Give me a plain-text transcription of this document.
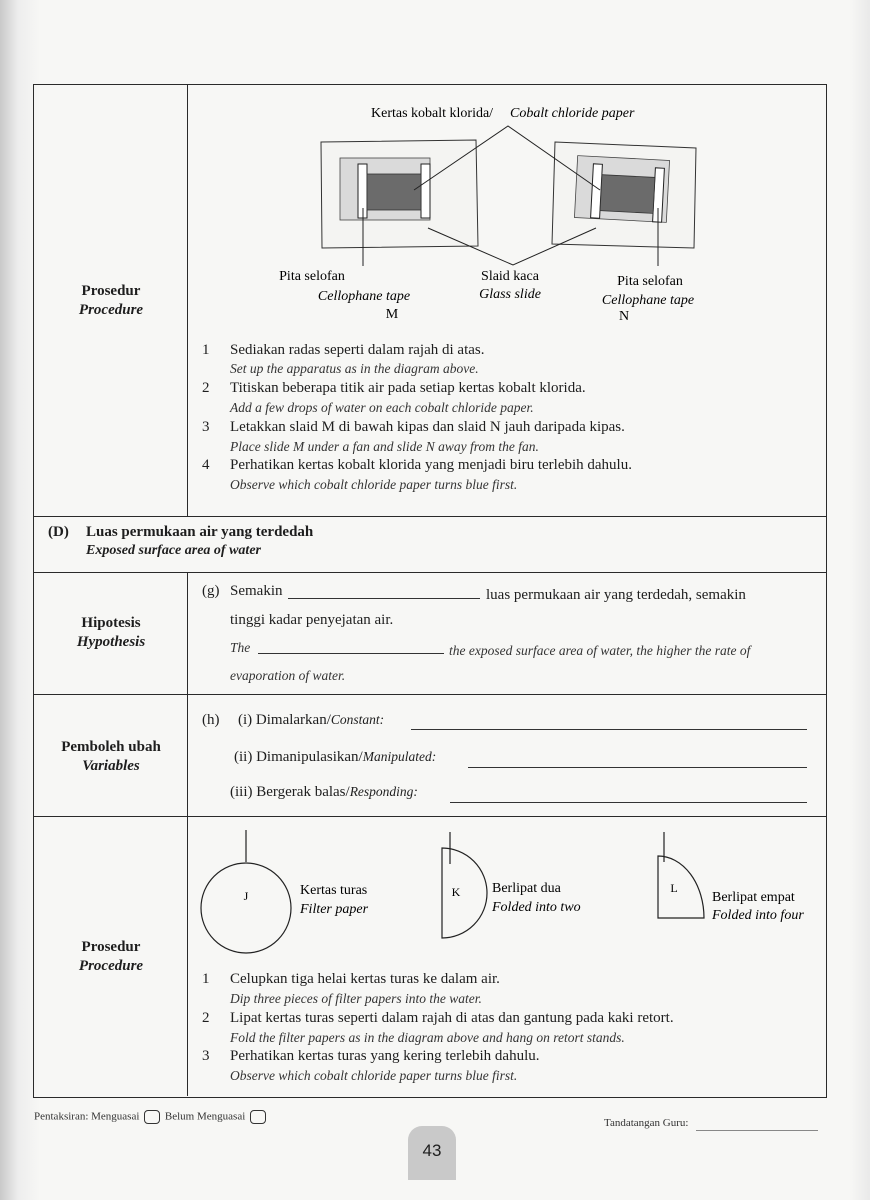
Prosedur
Procedure
Kertas kobalt klorida/ Cobalt chloride paper
Pita selofan
Cellophane tape
M
Slaid kaca
Glass slide
Pita selofan
Cellophane tape
N
1 Sediakan radas seperti dalam rajah di atas.
Set up the apparatus as in the diagram above.
2 Titiskan beberapa titik air pada setiap kertas kobalt klorida.
Add a few drops of water on each cobalt chloride paper.
3 Letakkan slaid M di bawah kipas dan slaid N jauh daripada kipas.
Place slide M under a fan and slide N away from the fan.
4 Perhatikan kertas kobalt klorida yang menjadi biru terlebih dahulu.
Observe which cobalt chloride paper turns blue first.
(D) Luas permukaan air yang terdedah
Exposed surface area of water
Hipotesis
Hypothesis
(g) Semakin	luas permukaan air yang terdedah, semakin
tinggi kadar penyejatan air.
The	the exposed surface area of water, the higher the rate of
evaporation of water.
Pemboleh ubah
Variables
(h) (i) Dimalarkan/Constant:
(ii) Dimanipulasikan/Manipulated:
(iii) Bergerak balas/Responding:
Prosedur
Procedure
J	Kertas turas
Filter paper
K Berlipat dua
Folded into two
L
Berlipat empat
Folded into four
1 Celupkan tiga helai kertas turas ke dalam air.
Dip three pieces of filter papers into the water.
2 Lipat kertas turas seperti dalam rajah di atas dan gantung pada kaki retort.
Fold the filter papers as in the diagram above and hang on retort stands.
3 Perhatikan kertas turas yang kering terlebih dahulu.
Observe which cobalt chloride paper turns blue first.
Pentaksiran: Menguasai Belum Menguasai
Tandatangan Guru:
43
